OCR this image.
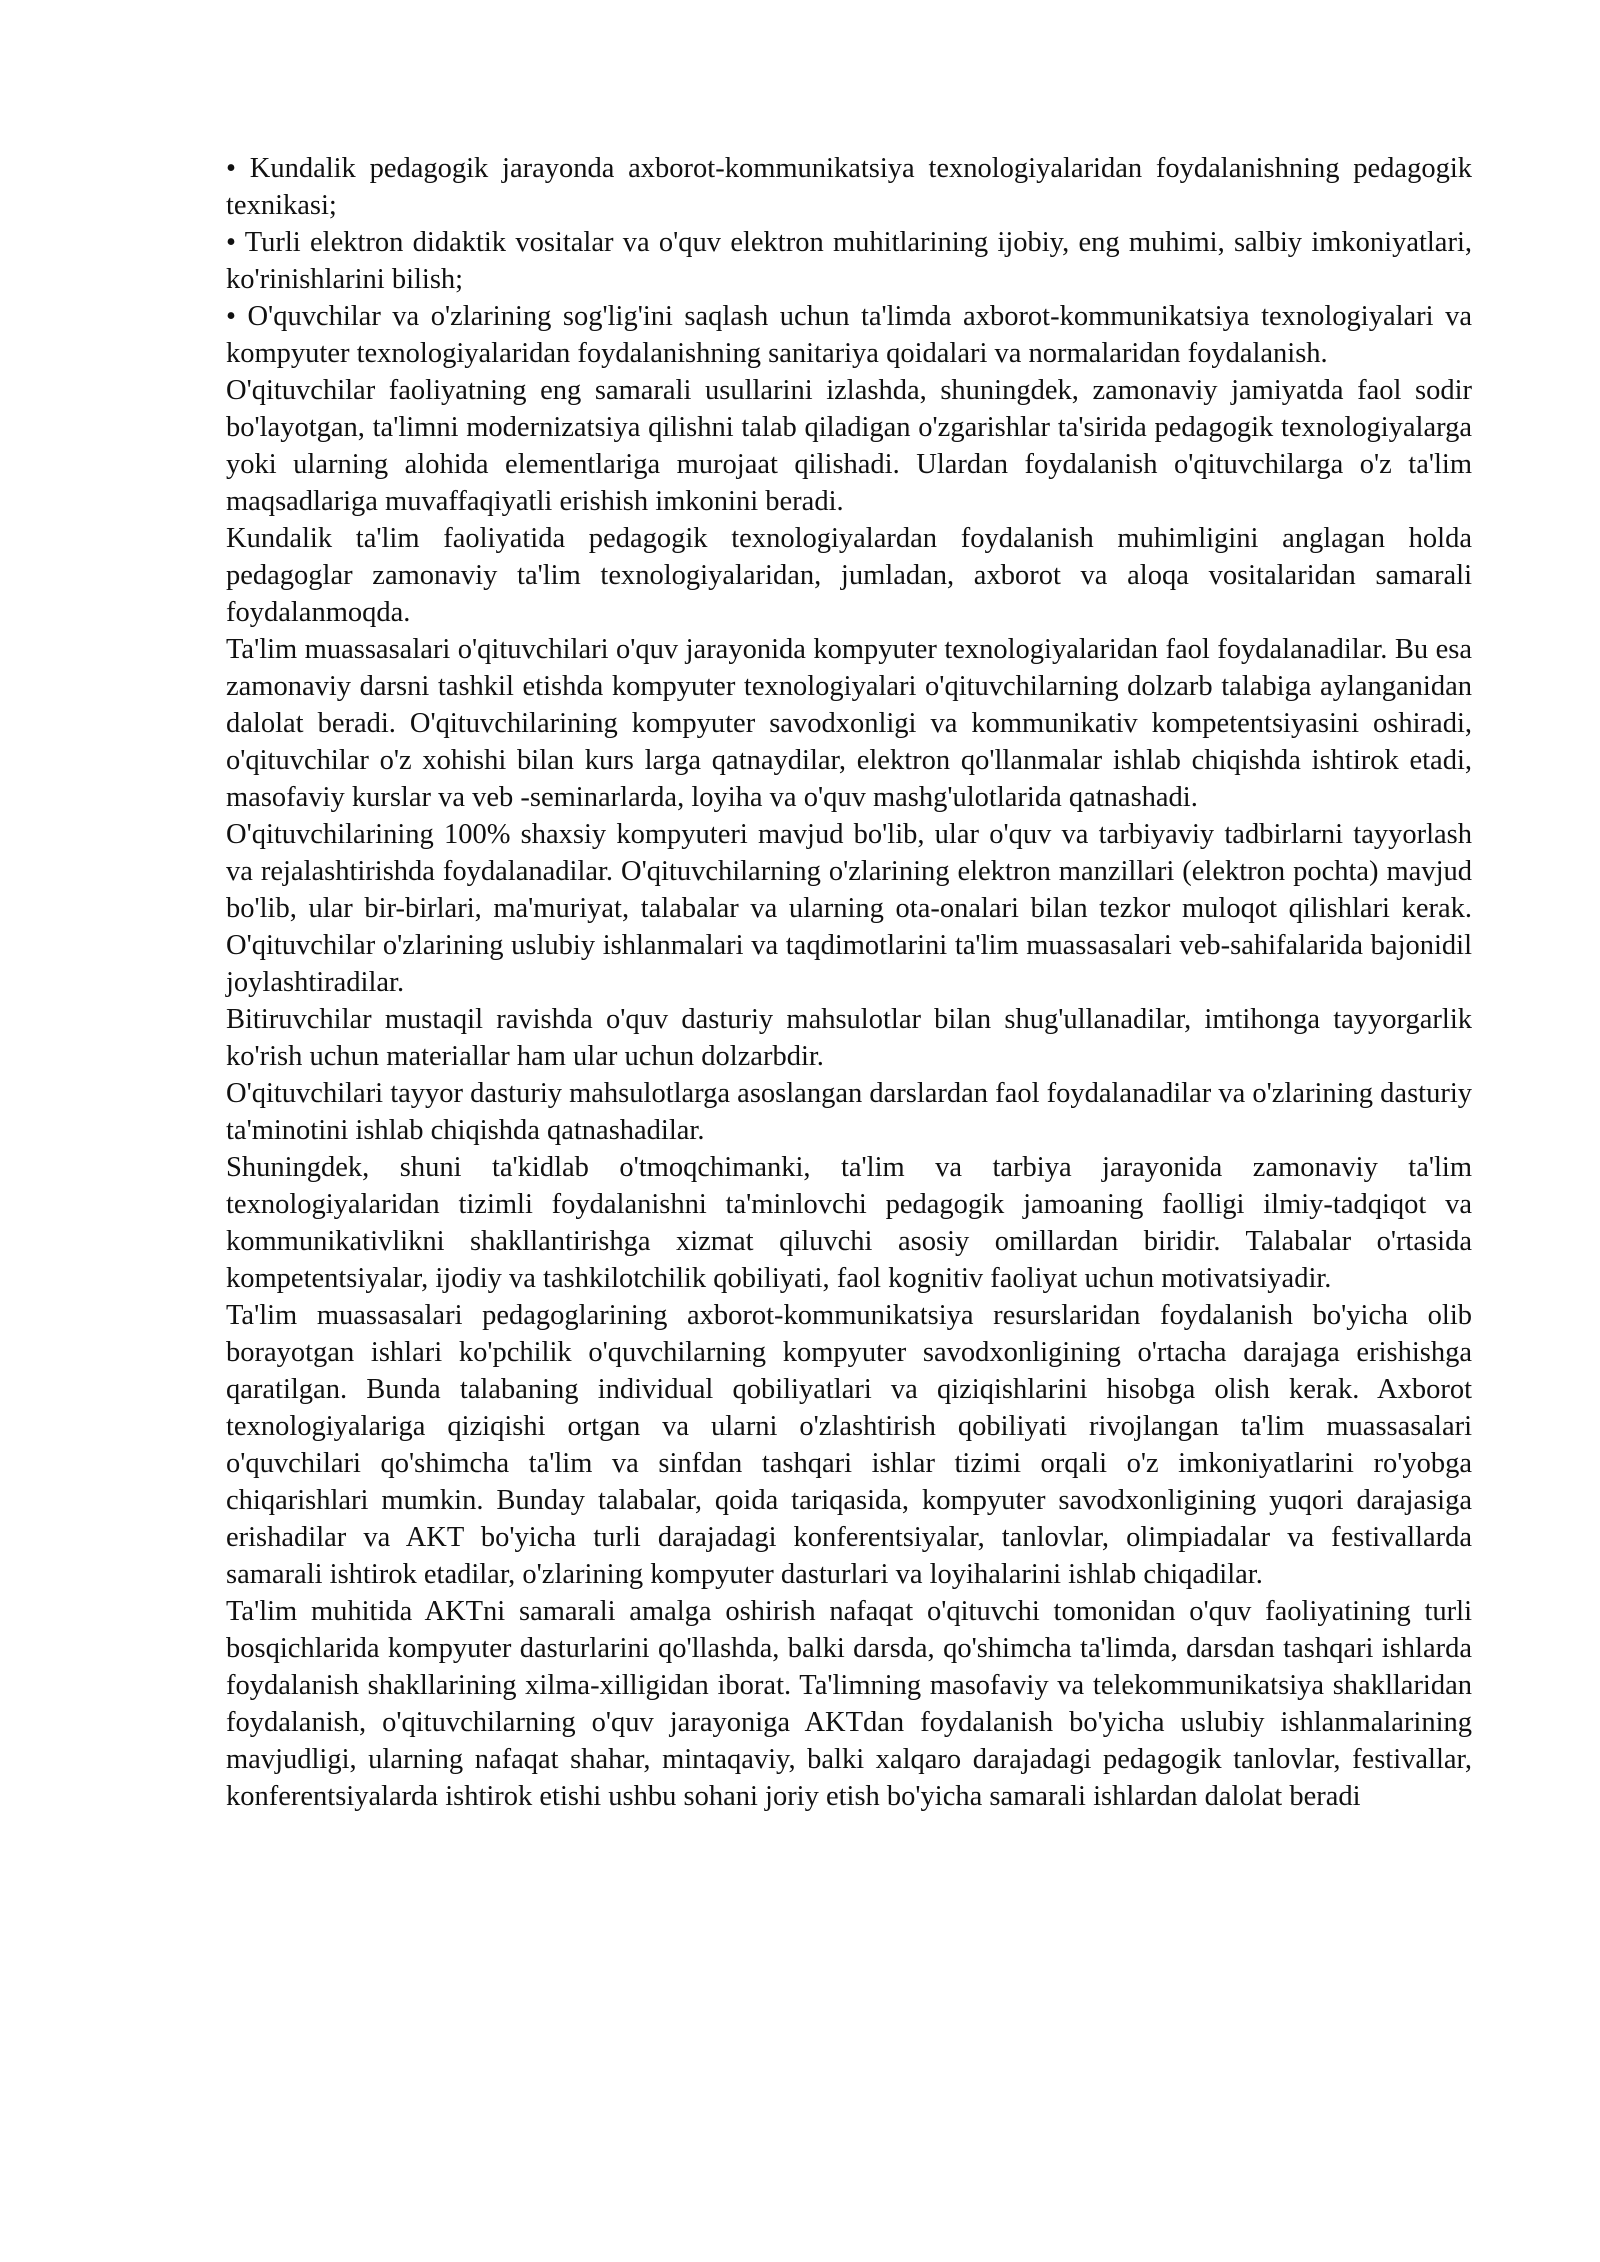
• Kundalik pedagogik jarayonda axborot-kommunikatsiya texnologiyalaridan foydalanishning pedagogik texnikasi;

• Turli elektron didaktik vositalar va o'quv elektron muhitlarining ijobiy, eng muhimi, salbiy imkoniyatlari, ko'rinishlarini bilish;

• O'quvchilar va o'zlarining sog'lig'ini saqlash uchun ta'limda axborot-kommunikatsiya texnologiyalari va kompyuter texnologiyalaridan foydalanishning sanitariya qoidalari va normalaridan foydalanish.

O'qituvchilar faoliyatning eng samarali usullarini izlashda, shuningdek, zamonaviy jamiyatda faol sodir bo'layotgan, ta'limni modernizatsiya qilishni talab qiladigan o'zgarishlar ta'sirida pedagogik texnologiyalarga yoki ularning alohida elementlariga murojaat qilishadi. Ulardan foydalanish o'qituvchilarga o'z ta'lim maqsadlariga muvaffaqiyatli erishish imkonini beradi.

Kundalik ta'lim faoliyatida pedagogik texnologiyalardan foydalanish muhimligini anglagan holda pedagoglar zamonaviy ta'lim texnologiyalaridan, jumladan, axborot va aloqa vositalaridan samarali foydalanmoqda.

Ta'lim muassasalari o'qituvchilari o'quv jarayonida kompyuter texnologiyalaridan faol foydalanadilar. Bu esa zamonaviy darsni tashkil etishda kompyuter texnologiyalari o'qituvchilarning dolzarb talabiga aylanganidan dalolat beradi. O'qituvchilarining kompyuter savodxonligi va kommunikativ kompetentsiyasini oshiradi, o'qituvchilar o'z xohishi bilan kurs larga qatnaydilar, elektron qo'llanmalar ishlab chiqishda ishtirok etadi, masofaviy kurslar va veb -seminarlarda, loyiha va o'quv mashg'ulotlarida qatnashadi.

O'qituvchilarining 100% shaxsiy kompyuteri mavjud bo'lib, ular o'quv va tarbiyaviy tadbirlarni tayyorlash va rejalashtirishda foydalanadilar. O'qituvchilarning o'zlarining elektron manzillari (elektron pochta) mavjud bo'lib, ular bir-birlari, ma'muriyat, talabalar va ularning ota-onalari bilan tezkor muloqot qilishlari kerak. O'qituvchilar o'zlarining uslubiy ishlanmalari va taqdimotlarini ta'lim muassasalari veb-sahifalarida bajonidil joylashtiradilar.

Bitiruvchilar mustaqil ravishda o'quv dasturiy mahsulotlar bilan shug'ullanadilar, imtihonga tayyorgarlik ko'rish uchun materiallar ham ular uchun dolzarbdir.

O'qituvchilari tayyor dasturiy mahsulotlarga asoslangan darslardan faol foydalanadilar va o'zlarining dasturiy ta'minotini ishlab chiqishda qatnashadilar.

Shuningdek, shuni ta'kidlab o'tmoqchimanki, ta'lim va tarbiya jarayonida zamonaviy ta'lim texnologiyalaridan tizimli foydalanishni ta'minlovchi pedagogik jamoaning faolligi ilmiy-tadqiqot va kommunikativlikni shakllantirishga xizmat qiluvchi asosiy omillardan biridir. Talabalar o'rtasida kompetentsiyalar, ijodiy va tashkilotchilik qobiliyati, faol kognitiv faoliyat uchun motivatsiyadir.

Ta'lim muassasalari pedagoglarining axborot-kommunikatsiya resurslaridan foydalanish bo'yicha olib borayotgan ishlari ko'pchilik o'quvchilarning kompyuter savodxonligining o'rtacha darajaga erishishga qaratilgan. Bunda talabaning individual qobiliyatlari va qiziqishlarini hisobga olish kerak. Axborot texnologiyalariga qiziqishi ortgan va ularni o'zlashtirish qobiliyati rivojlangan ta'lim muassasalari o'quvchilari qo'shimcha ta'lim va sinfdan tashqari ishlar tizimi orqali o'z imkoniyatlarini ro'yobga chiqarishlari mumkin. Bunday talabalar, qoida tariqasida, kompyuter savodxonligining yuqori darajasiga erishadilar va AKT bo'yicha turli darajadagi konferentsiyalar, tanlovlar, olimpiadalar va festivallarda samarali ishtirok etadilar, o'zlarining kompyuter dasturlari va loyihalarini ishlab chiqadilar.

Ta'lim muhitida AKTni samarali amalga oshirish nafaqat o'qituvchi tomonidan o'quv faoliyatining turli bosqichlarida kompyuter dasturlarini qo'llashda, balki darsda, qo'shimcha ta'limda, darsdan tashqari ishlarda foydalanish shakllarining xilma-xilligidan iborat. Ta'limning masofaviy va telekommunikatsiya shakllaridan foydalanish, o'qituvchilarning o'quv jarayoniga AKTdan foydalanish bo'yicha uslubiy ishlanmalarining mavjudligi, ularning nafaqat shahar, mintaqaviy, balki xalqaro darajadagi pedagogik tanlovlar, festivallar, konferentsiyalarda ishtirok etishi ushbu sohani joriy etish bo'yicha samarali ishlardan dalolat beradi
